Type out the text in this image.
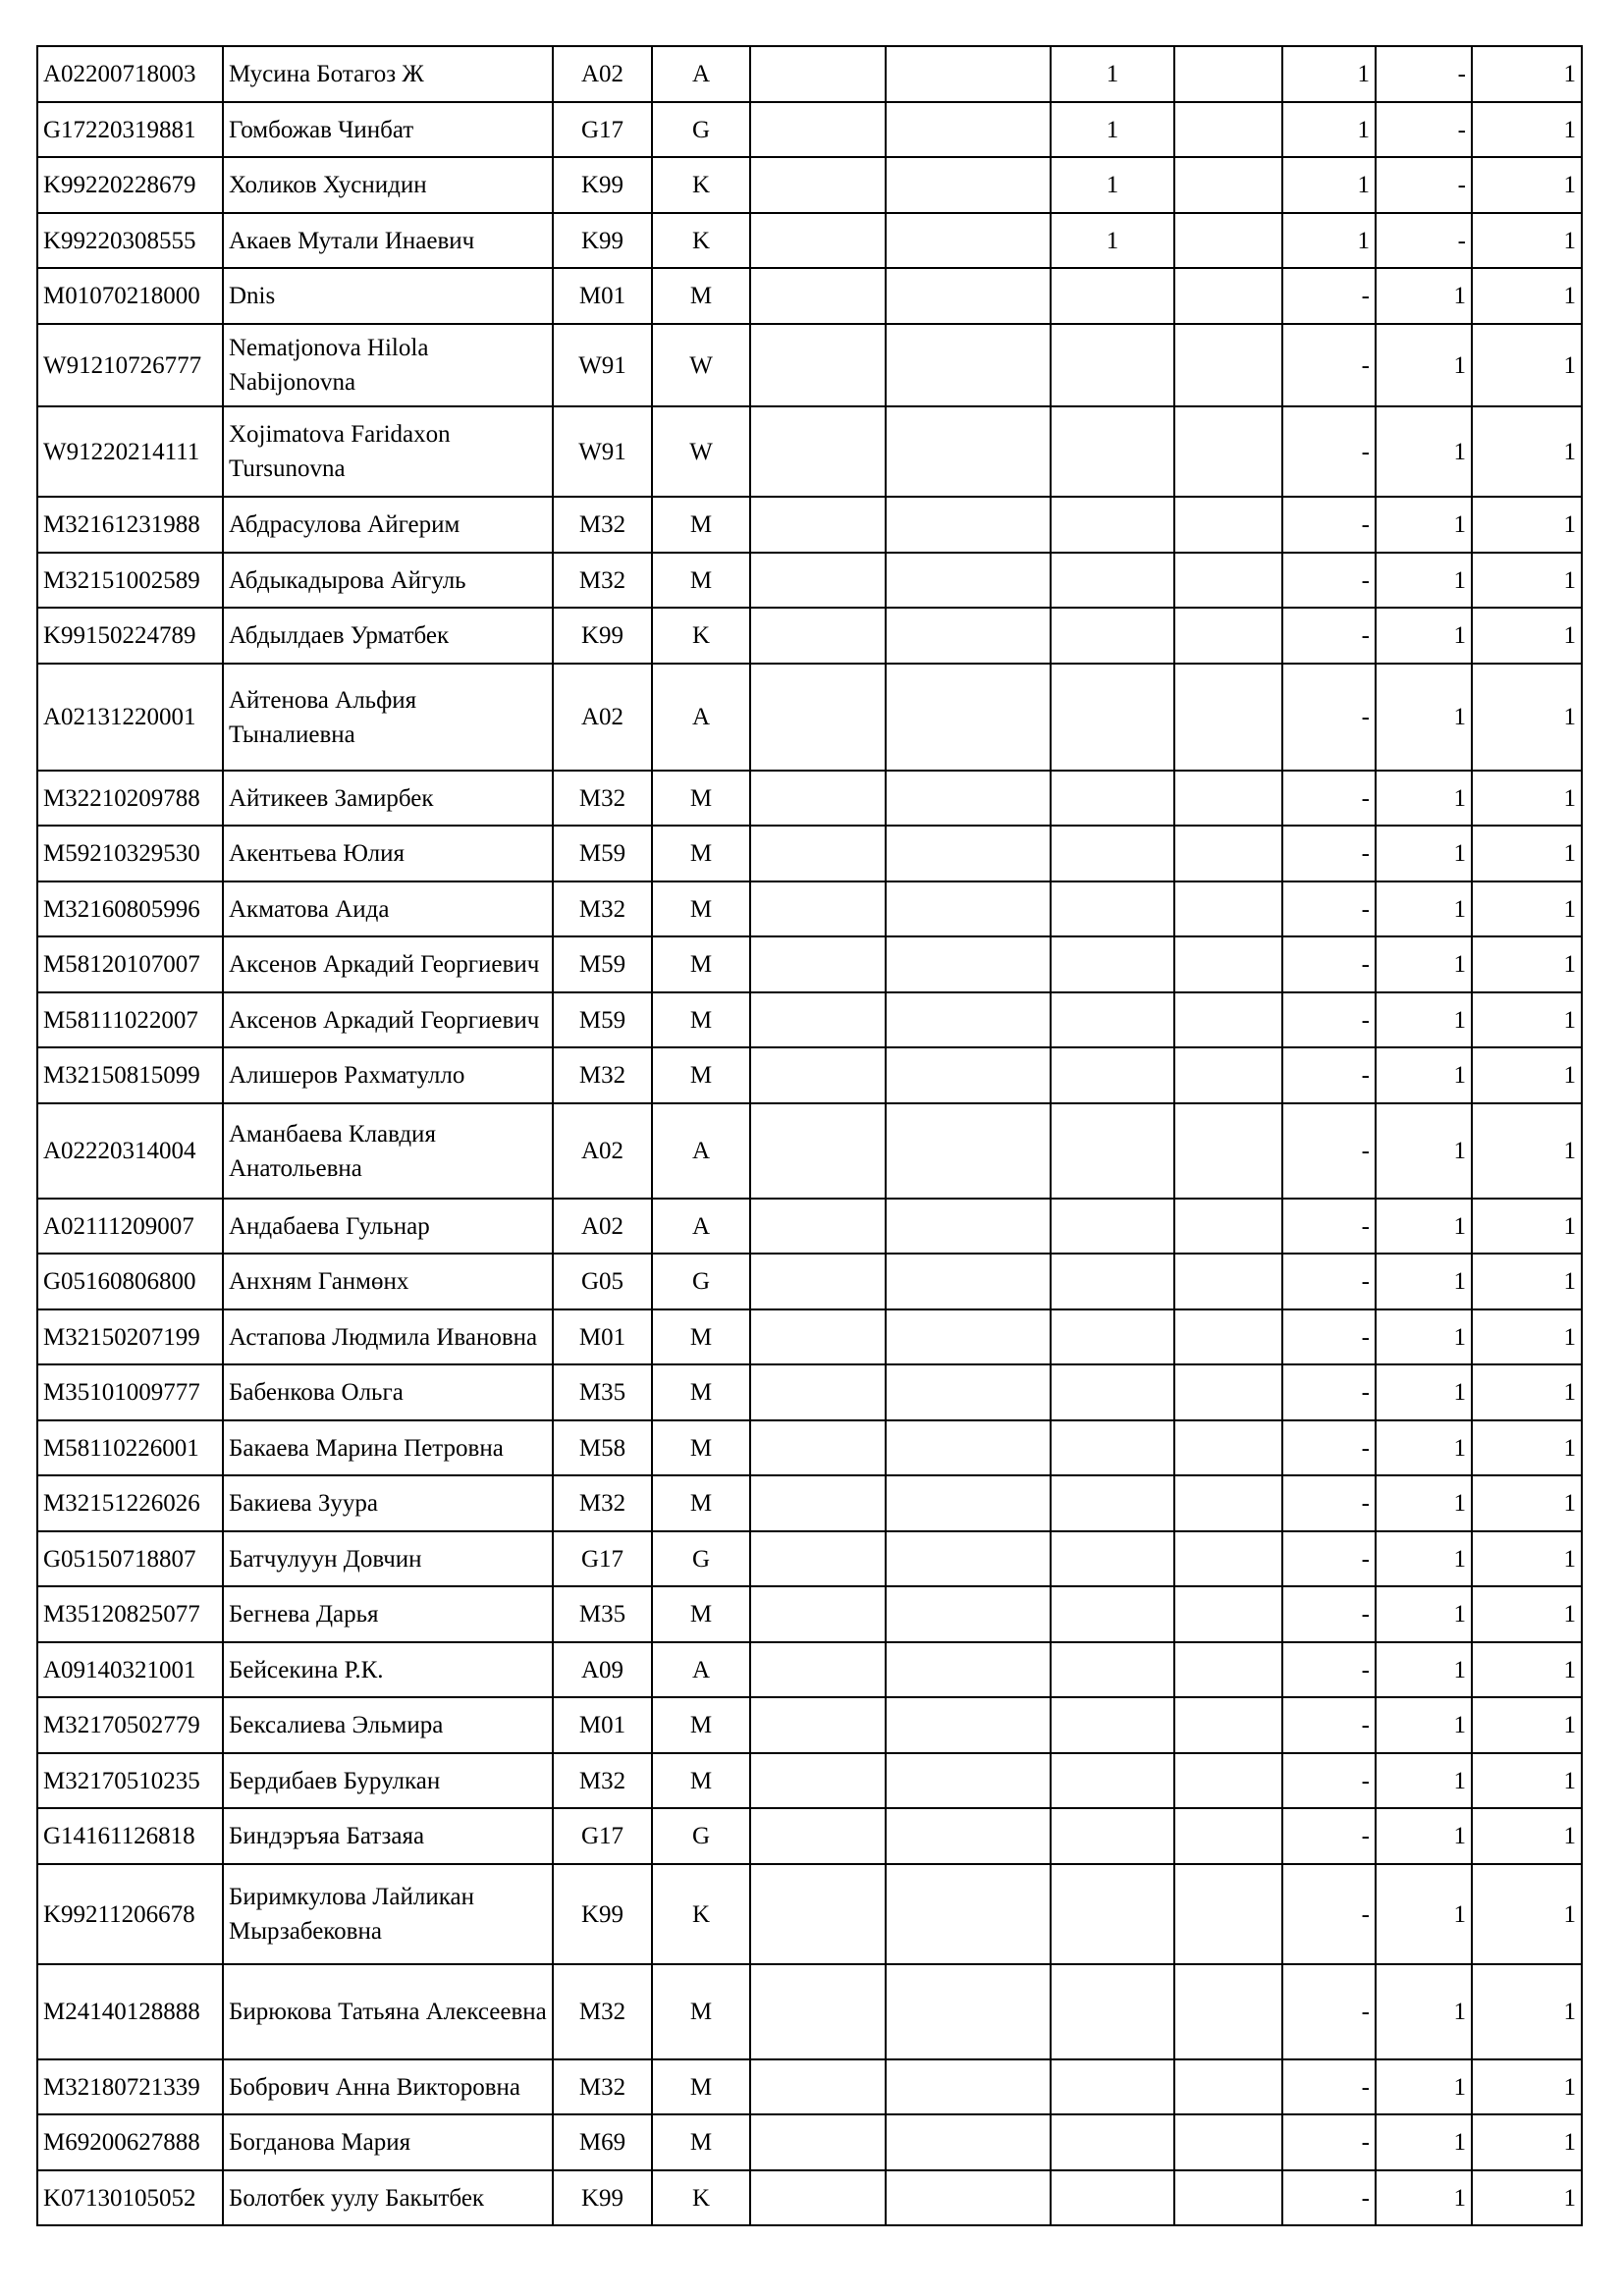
A02200718003	Мусина Ботагоз Ж	A02	A			1		1	-	1
G17220319881	Гомбожав Чинбат	G17	G			1		1	-	1
K99220228679	Холиков Хуснидин	K99	K			1		1	-	1
K99220308555	Акаев Мутали Инаевич	K99	K			1		1	-	1
M01070218000	Dnis	M01	M					-	1	1
W91210726777	Nematjonova Hilola Nabijonovna	W91	W					-	1	1
W91220214111	Xojimatova Faridaxon Tursunovna	W91	W					-	1	1
M32161231988	Абдрасулова Айгерим	M32	M					-	1	1
M32151002589	Абдыкадырова Айгуль	M32	M					-	1	1
K99150224789	Абдылдаев Урматбек	K99	K					-	1	1
A02131220001	Айтенова Альфия Тыналиевна	A02	A					-	1	1
M32210209788	Айтикеев Замирбек	M32	M					-	1	1
M59210329530	Акентьева Юлия	M59	M					-	1	1
M32160805996	Акматова Аида	M32	M					-	1	1
M58120107007	Аксенов Аркадий Георгиевич	M59	M					-	1	1
M58111022007	Аксенов Аркадий Георгиевич	M59	M					-	1	1
M32150815099	Алишеров Рахматулло	M32	M					-	1	1
A02220314004	Аманбаева Клавдия Анатольевна	A02	A					-	1	1
A02111209007	Андабаева Гульнар	A02	A					-	1	1
G05160806800	Анхням Ганмөнх	G05	G					-	1	1
M32150207199	Астапова Людмила Ивановна	M01	M					-	1	1
M35101009777	Бабенкова Ольга	M35	M					-	1	1
M58110226001	Бакаева Марина Петровна	M58	M					-	1	1
M32151226026	Бакиева Зуура	M32	M					-	1	1
G05150718807	Батчулуун Довчин	G17	G					-	1	1
M35120825077	Бегнева Дарья	M35	M					-	1	1
A09140321001	Бейсекина Р.К.	A09	A					-	1	1
M32170502779	Бексалиева Эльмира	M01	M					-	1	1
M32170510235	Бердибаев Бурулкан	M32	M					-	1	1
G14161126818	Биндэръяа Батзаяа	G17	G					-	1	1
K99211206678	Биримкулова Лайликан Мырзабековна	K99	K					-	1	1
M24140128888	Бирюкова Татьяна Алексеевна	M32	M					-	1	1
M32180721339	Бобрович Анна Викторовна	M32	M					-	1	1
M69200627888	Богданова Мария	M69	M					-	1	1
K07130105052	Болотбек уулу Бакытбек	K99	K					-	1	1
